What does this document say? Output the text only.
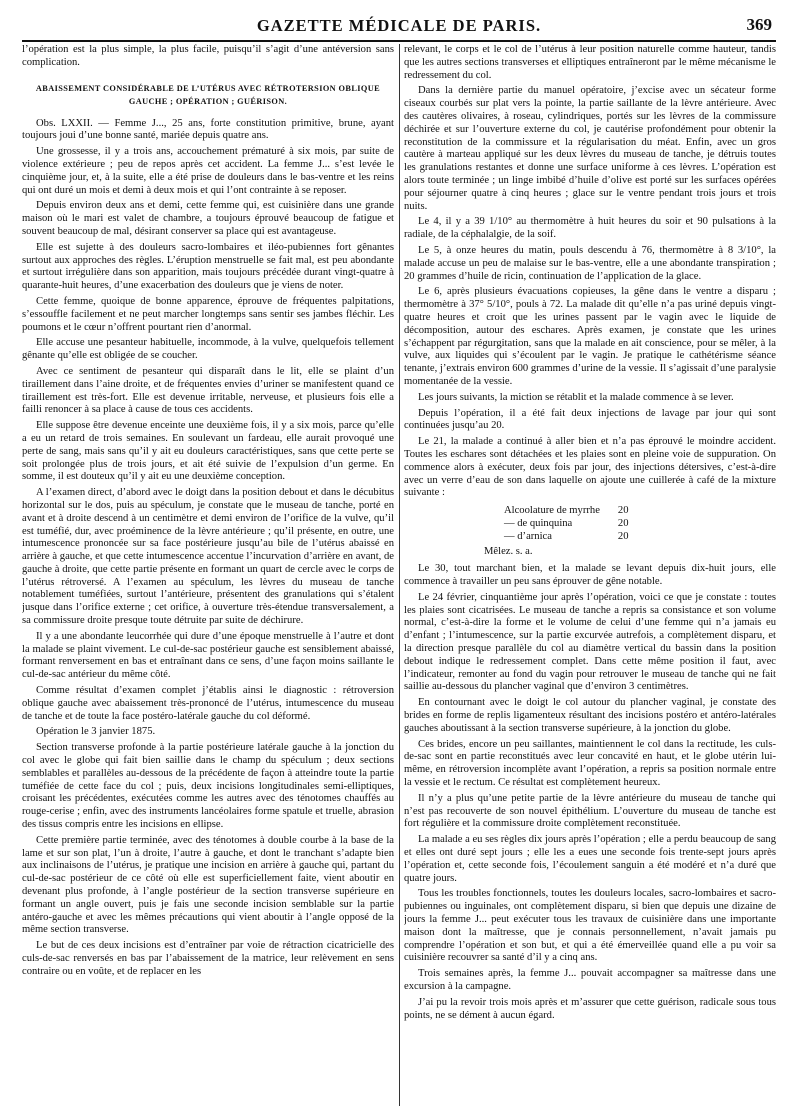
GAZETTE MÉDICALE DE PARIS.	369

l’opération est la plus simple, la plus facile, puisqu’il s’agit d’une antéversion sans complication.

ABAISSEMENT CONSIDÉRABLE DE L’UTÉRUS AVEC RÉTROTERSION OBLIQUE GAUCHE ; OPÉRATION ; GUÉRISON.

Obs. LXXII. — Femme J..., 25 ans, forte constitution primitive, brune, ayant toujours joui d’une bonne santé, mariée depuis quatre ans.

Une grossesse, il y a trois ans, accouchement prématuré à six mois, par suite de violence extérieure ; peu de repos après cet accident. La femme J... s’est levée le cinquième jour, et, à la suite, elle a été prise de douleurs dans le bas-ventre et les reins qui ont duré un mois et demi à deux mois et qui l’ont contrainte à se reposer.

Depuis environ deux ans et demi, cette femme qui, est cuisinière dans une grande maison où le mari est valet de chambre, a toujours éprouvé beaucoup de fatigue et souvent beaucoup de mal, désirant conserver sa place qui est avantageuse.

Elle est sujette à des douleurs sacro-lombaires et iléo-pubiennes fort gênantes surtout aux approches des règles. L’éruption menstruelle se fait mal, est peu abondante et surtout irrégulière dans son apparition, mais toujours précédée durant vingt-quatre à quarante-huit heures, d’une exacerbation des douleurs que je viens de noter.

Cette femme, quoique de bonne apparence, éprouve de fréquentes palpitations, s’essouffle facilement et ne peut marcher longtemps sans sentir ses jambes fléchir. Les poumons et le cœur n’offrent pourtant rien d’anormal.

Elle accuse une pesanteur habituelle, incommode, à la vulve, quelquefois tellement gênante qu’elle est obligée de se coucher.

Avec ce sentiment de pesanteur qui disparaît dans le lit, elle se plaint d’un tiraillement dans l’aine droite, et de fréquentes envies d’uriner se manifestent quand ce tiraillement est très-fort. Elle est devenue irritable, nerveuse, et plusieurs fois elle a failli renoncer à sa place à cause de tous ces accidents.

Elle suppose être devenue enceinte une deuxième fois, il y a six mois, parce qu’elle a eu un retard de trois semaines. En soulevant un fardeau, elle aurait provoqué une perte de sang, mais sans qu’il y ait eu douleurs caractéristiques, sans que cette perte se soit prolongée plus de trois jours, et ait été suivie de l’expulsion d’un germe. En somme, il est douteux qu’il y ait eu une deuxième conception.

A l’examen direct, d’abord avec le doigt dans la position debout et dans le décubitus horizontal sur le dos, puis au spéculum, je constate que le museau de tanche, porté en avant et à droite descend à un centimètre et demi environ de l’orifice de la vulve, qu’il est tuméfié, dur, avec proéminence de la lèvre antérieure ; qu’il présente, en outre, une intumescence prononcée sur sa face postérieure jusqu’au bile de l’utérus abaissé en arrière à gauche, et que cette intumescence accentue l’incurvation d’arrière en avant, de gauche à droite, que cette partie présente en formant un quart de cercle avec le corps de l’utérus rétroversé. A l’examen au spéculum, les lèvres du museau de tanche notablement tuméfiées, surtout l’antérieure, présentent des granulations qui s’étalent jusque dans l’orifice externe ; cet orifice, à ouverture très-étendue transversalement, a sa commissure droite presque toute détruite par suite de déchirure.

Il y a une abondante leucorrhée qui dure d’une époque menstruelle à l’autre et dont la malade se plaint vivement. Le cul-de-sac postérieur gauche est sensiblement abaissé, formant renversement en bas et entraînant dans ce sens, d’une façon moins saillante le cul-de-sac antérieur du même côté.

Comme résultat d’examen complet j’établis ainsi le diagnostic : rétroversion oblique gauche avec abaissement très-prononcé de l’utérus, intumescence du museau de tanche et de toute la face postéro-latérale gauche du col déformé.

Opération le 3 janvier 1875.

Section transverse profonde à la partie postérieure latérale gauche à la jonction du col avec le globe qui fait bien saillie dans le champ du spéculum ; deux sections semblables et parallèles au-dessous de la précédente de façon à atteindre toute la partie tuméfiée de cette face du col ; puis, deux incisions longitudinales semi-elliptiques, croisant les précédentes, exécutées comme les autres avec des ténotomes chauffés au rouge-cerise ; enfin, avec des instruments lancéolaires forme spatule et truelle, abrasion des tissus compris entre les incisions en ellipse.

Cette première partie terminée, avec des ténotomes à double courbe à la base de la lame et sur son plat, l’un à droite, l’autre à gauche, et dont le tranchant s’adapte bien aux inclinaisons de l’utérus, je pratique une incision en arrière à gauche qui, partant du cul-de-sac postérieur de ce côté où elle est superficiellement faite, vient aboutir en devenant plus profonde, à l’angle postérieur de la section transverse supérieure en formant un angle ouvert, puis je fais une seconde incision semblable sur la partie antéro-gauche et avec les mêmes précautions qui vient aboutir à l’angle opposé de la même section transverse.

Le but de ces deux incisions est d’entraîner par voie de rétraction cicatricielle des culs-de-sac renversés en bas par l’abaissement de la matrice, leur relèvement en sens contraire ou en voûte, et de replacer en les

relevant, le corps et le col de l’utérus à leur position naturelle comme hauteur, tandis que les autres sections transverses et elliptiques entraîneront par le même mécanisme le redressement du col.

Dans la dernière partie du manuel opératoire, j’excise avec un sécateur forme ciseaux courbés sur plat vers la pointe, la partie saillante de la lèvre antérieure. Avec des cautères olivaires, à roseau, cylindriques, portés sur les lèvres de la commissure déchirée et sur l’ouverture externe du col, je cautérise profondément pour obtenir la reconstitution de la commissure et la régularisation du méat. Enfin, avec un gros cautère à marteau appliqué sur les deux lèvres du museau de tanche, je détruis toutes les granulations restantes et donne une surface uniforme à ces lèvres. L’opération est alors toute terminée ; un linge imbibé d’huile d’olive est porté sur les surfaces opérées pour séjourner quatre à cinq heures ; glace sur le ventre pendant trois jours et trois nuits.

Le 4, il y a 39 1/10° au thermomètre à huit heures du soir et 90 pulsations à la radiale, de la céphalalgie, de la soif.

Le 5, à onze heures du matin, pouls descendu à 76, thermomètre à 8 3/10°, la malade accuse un peu de malaise sur le bas-ventre, elle a une abondante transpiration ; 20 grammes d’huile de ricin, continuation de l’application de la glace.

Le 6, après plusieurs évacuations copieuses, la gêne dans le ventre a disparu ; thermomètre à 37° 5/10°, pouls à 72. La malade dit qu’elle n’a pas uriné depuis vingt-quatre heures et croit que les urines passent par le vagin avec le liquide de décomposition, autour des eschares. Après examen, je constate que les urines s’échappent par régurgitation, sans que la malade en ait conscience, pour se mêler, à la vulve, aux liquides qui s’écoulent par le vagin. Je pratique le cathétérisme séance tenante, j’extrais environ 600 grammes d’urine de la vessie. Il s’agissait d’une paralysie momentanée de la vessie.

Les jours suivants, la miction se rétablit et la malade commence à se lever.

Depuis l’opération, il a été fait deux injections de lavage par jour qui sont continuées jusqu’au 20.

Le 21, la malade a continué à aller bien et n’a pas éprouvé le moindre accident. Toutes les eschares sont détachées et les plaies sont en pleine voie de suppuration. On commence alors à exécuter, deux fois par jour, des injections détersives, c’est-à-dire avec un verre d’eau de son dans laquelle on ajoute une cuillerée à café de la mixture suivante :

Alcoolature de myrrhe	20
— de quinquina	20
— d’arnica	20
Mêlez. s. a.

Le 30, tout marchant bien, et la malade se levant depuis dix-huit jours, elle commence à travailler un peu sans éprouver de gêne notable.

Le 24 février, cinquantième jour après l’opération, voici ce que je constate : toutes les plaies sont cicatrisées. Le museau de tanche a repris sa consistance et son volume normal, c’est-à-dire la forme et le volume de celui d’une femme qui n’a jamais eu d’enfant ; l’intumescence, sur la partie excurvée autrefois, a complètement disparu, et la direction presque parallèle du col au diamètre vertical du bassin dans la position debout indique le redressement complet. Dans cette même position il faut, avec l’indicateur, remonter au fond du vagin pour retrouver le museau de tanche qui ne fait saillie au-dessous du plancher vaginal que d’environ 3 centimètres.

En contournant avec le doigt le col autour du plancher vaginal, je constate des brides en forme de replis ligamenteux résultant des incisions postéro et antéro-latérales gauches aboutissant à la section transverse supérieure, à la jonction du globe.

Ces brides, encore un peu saillantes, maintiennent le col dans la rectitude, les culs-de-sac sont en partie reconstitués avec leur concavité en haut, et le globe utérin lui-même, en rétroversion incomplète avant l’opération, a repris sa position normale entre la vessie et le rectum. Ce résultat est complètement heureux.

Il n’y a plus qu’une petite partie de la lèvre antérieure du museau de tanche qui n’est pas recouverte de son nouvel épithélium. L’ouverture du museau de tanche est fort régulière et la commissure droite complètement reconstituée.

La malade a eu ses règles dix jours après l’opération ; elle a perdu beaucoup de sang et elles ont duré sept jours ; elle les a eues une seconde fois trente-sept jours après l’opération et, cette seconde fois, l’écoulement sanguin a été modéré et n’a duré que quatre jours.

Tous les troubles fonctionnels, toutes les douleurs locales, sacro-lombaires et sacro-pubiennes ou inguinales, ont complètement disparu, si bien que depuis une dizaine de jours la femme J... peut exécuter tous les travaux de cuisinière dans une importante maison dont la maîtresse, que je connais personnellement, n’avait jamais pu comprendre l’opération et son but, et qui a été émerveillée quand elle a pu voir sa cuisinière recouvrer sa santé d’il y a cinq ans.

Trois semaines après, la femme J... pouvait accompagner sa maîtresse dans une excursion à la campagne.

J’ai pu la revoir trois mois après et m’assurer que cette guérison, radicale sous tous points, ne se dément à aucun égard.
